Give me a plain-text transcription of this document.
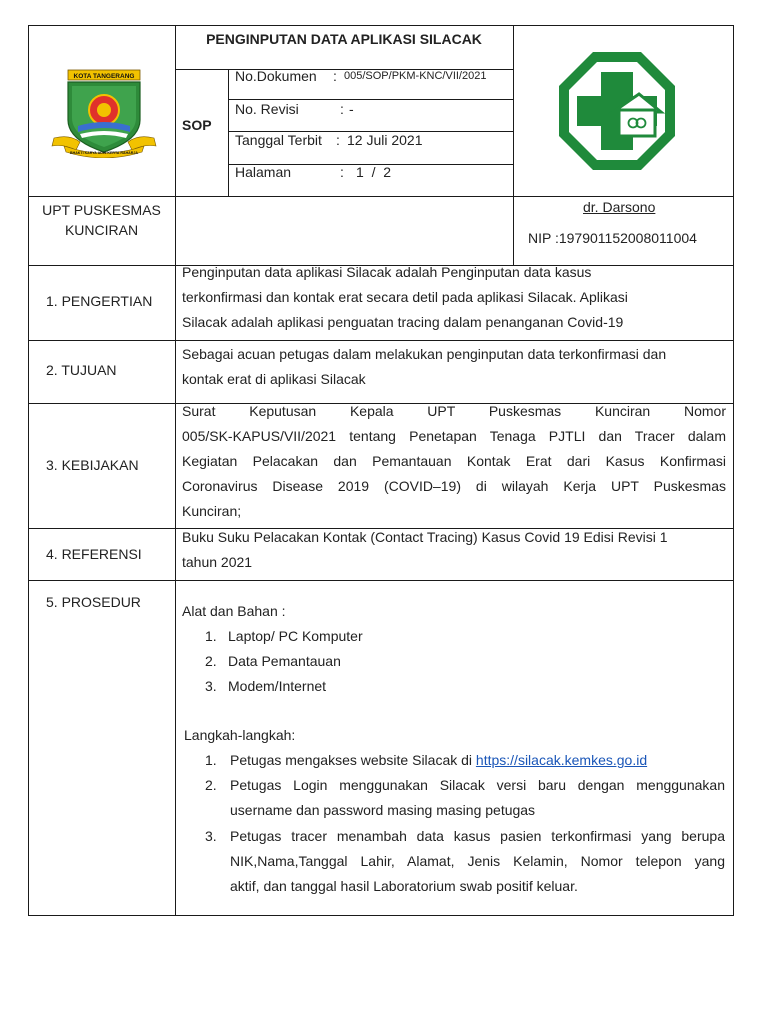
KOTA TANGERANG
BHAKTI KARYA ADHI KERTA RAHARJA
PENGINPUTAN DATA APLIKASI SILACAK
SOP
No.Dokumen : 005/SOP/PKM-KNC/VII/2021
No. Revisi	: -
Tanggal Terbit : 12 Juli 2021
Halaman	: 1  /  2
UPT PUSKESMAS
KUNCIRAN
dr. Darsono
NIP :197901152008011004
1. PENGERTIAN
Penginputan data aplikasi Silacak adalah Penginputan data kasus
terkonfirmasi dan kontak erat secara detil pada aplikasi Silacak. Aplikasi
Silacak adalah aplikasi penguatan tracing dalam penanganan Covid-19
2. TUJUAN
Sebagai acuan petugas dalam melakukan penginputan data terkonfirmasi dan
kontak erat di aplikasi Silacak
3. KEBIJAKAN
Surat Keputusan Kepala UPT Puskesmas Kunciran Nomor
005/SK-KAPUS/VII/2021 tentang Penetapan Tenaga PJTLI dan Tracer dalam
Kegiatan Pelacakan dan Pemantauan Kontak Erat dari Kasus Konfirmasi
Coronavirus Disease 2019 (COVID–19) di wilayah Kerja UPT Puskesmas
Kunciran;
4. REFERENSI
Buku Suku Pelacakan Kontak (Contact Tracing) Kasus Covid 19 Edisi Revisi 1
tahun 2021
5. PROSEDUR
Alat dan Bahan :
1. Laptop/ PC Komputer
2. Data Pemantauan
3. Modem/Internet
Langkah-langkah:
1. Petugas mengakses website Silacak di https://silacak.kemkes.go.id
2. Petugas Login menggunakan Silacak versi baru dengan menggunakan
username dan password masing masing petugas
3. Petugas tracer menambah data kasus pasien terkonfirmasi yang berupa
NIK,Nama,Tanggal Lahir, Alamat, Jenis Kelamin, Nomor telepon yang
aktif, dan tanggal hasil Laboratorium swab positif keluar.
